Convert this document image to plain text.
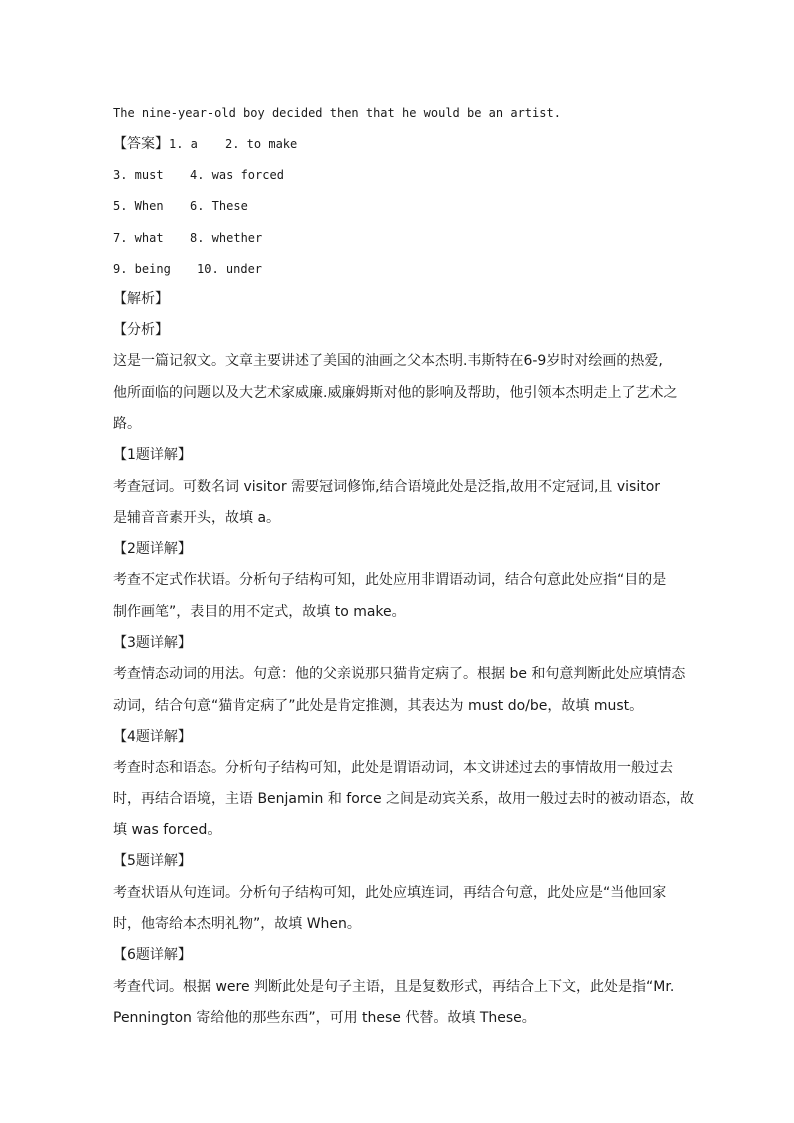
The nine-year-old boy decided then that he would be an artist.
【答案】1. a 2. to make
3. must 4. was forced
5. When 6. These
7. what 8. whether
9. being 10. under
【解析】
【分析】
这是一篇记叙文。文章主要讲述了美国的油画之父本杰明.韦斯特在6-9岁时对绘画的热爱,
他所面临的问题以及大艺术家威廉.威廉姆斯对他的影响及帮助，他引领本杰明走上了艺术之
路。
【1题详解】
考查冠词。可数名词 visitor 需要冠词修饰,结合语境此处是泛指,故用不定冠词,且 visitor
是辅音音素开头，故填 a。
【2题详解】
考查不定式作状语。分析句子结构可知，此处应用非谓语动词，结合句意此处应指“目的是
制作画笔”，表目的用不定式，故填 to make。
【3题详解】
考查情态动词的用法。句意：他的父亲说那只猫肯定病了。根据 be 和句意判断此处应填情态
动词，结合句意“猫肯定病了”此处是肯定推测，其表达为 must do/be，故填 must。
【4题详解】
考查时态和语态。分析句子结构可知，此处是谓语动词，本文讲述过去的事情故用一般过去
时，再结合语境，主语 Benjamin 和 force 之间是动宾关系，故用一般过去时的被动语态，故
填 was forced。
【5题详解】
考查状语从句连词。分析句子结构可知，此处应填连词，再结合句意，此处应是“当他回家
时，他寄给本杰明礼物”，故填 When。
【6题详解】
考查代词。根据 were 判断此处是句子主语，且是复数形式，再结合上下文，此处是指“Mr.
Pennington 寄给他的那些东西”，可用 these 代替。故填 These。
